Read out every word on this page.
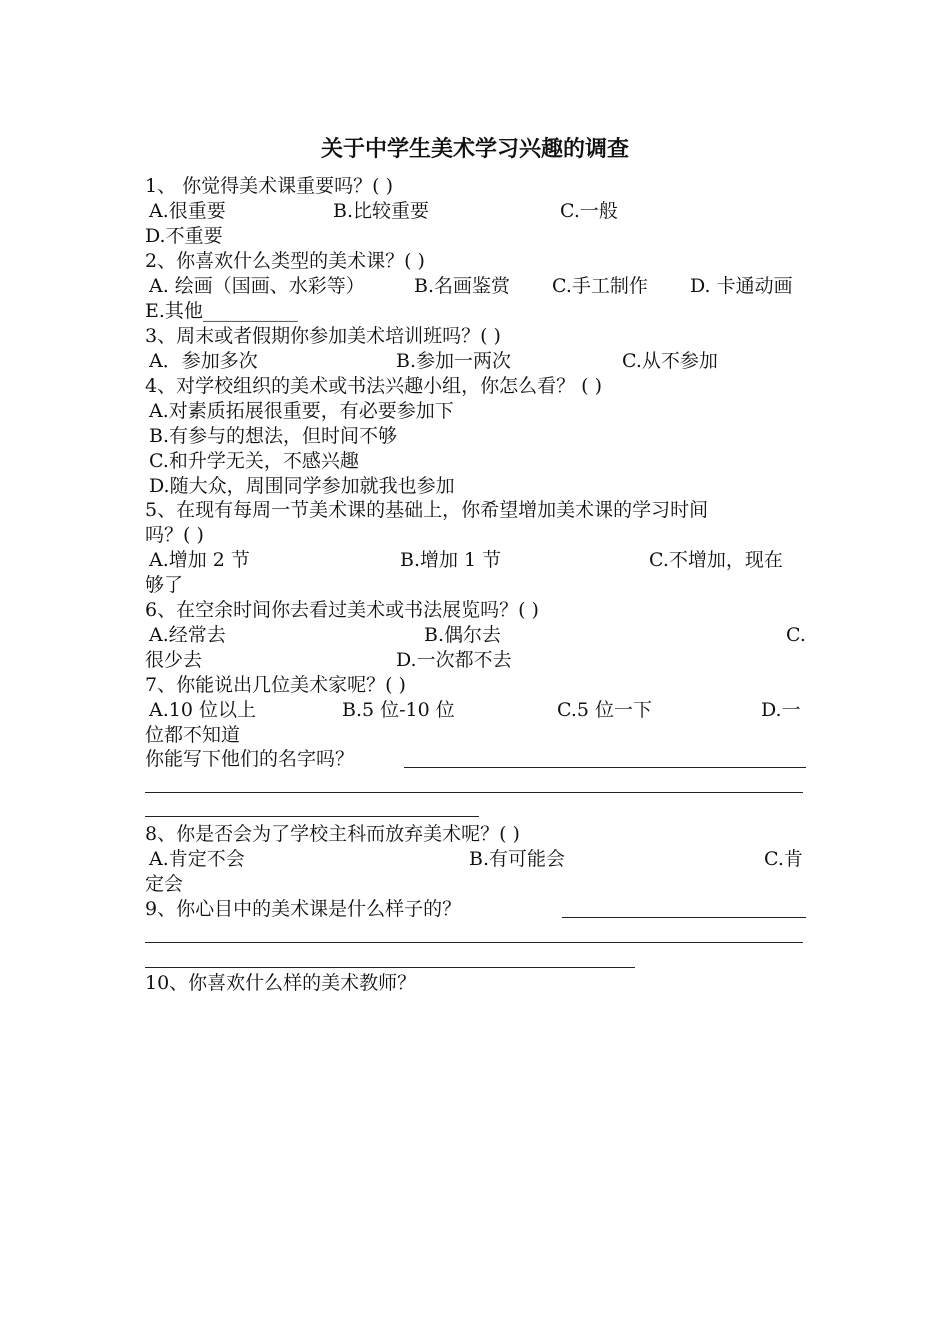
关于中学生美术学习兴趣的调查
1、 你觉得美术课重要吗？( )
A.很重要	B.比较重要	C.一般
D.不重要
2、你喜欢什么类型的美术课？( )
A. 绘画（国画、水彩等）	B.名画鉴赏 C.手工制作 D. 卡通动画
E.其他__________
3、周末或者假期你参加美术培训班吗？( )
A．参加多次	B.参加一两次	C.从不参加
4、对学校组织的美术或书法兴趣小组，你怎么看？ ( )
A.对素质拓展很重要，有必要参加下
B.有参与的想法，但时间不够
C.和升学无关，不感兴趣
D.随大众，周围同学参加就我也参加
5、在现有每周一节美术课的基础上，你希望增加美术课的学习时间
吗？( )
A.增加 2 节	B.增加 1 节	C.不增加，现在
够了
6、在空余时间你去看过美术或书法展览吗？( )
A.经常去	B.偶尔去	C.
很少去	D.一次都不去
7、你能说出几位美术家呢？( )
A.10 位以上	B.5 位-10 位	C.5 位一下	D.一
位都不知道
你能写下他们的名字吗？
8、你是否会为了学校主科而放弃美术呢？( )
A.肯定不会	B.有可能会	C.肯
定会
9、你心目中的美术课是什么样子的？
10、你喜欢什么样的美术教师？
